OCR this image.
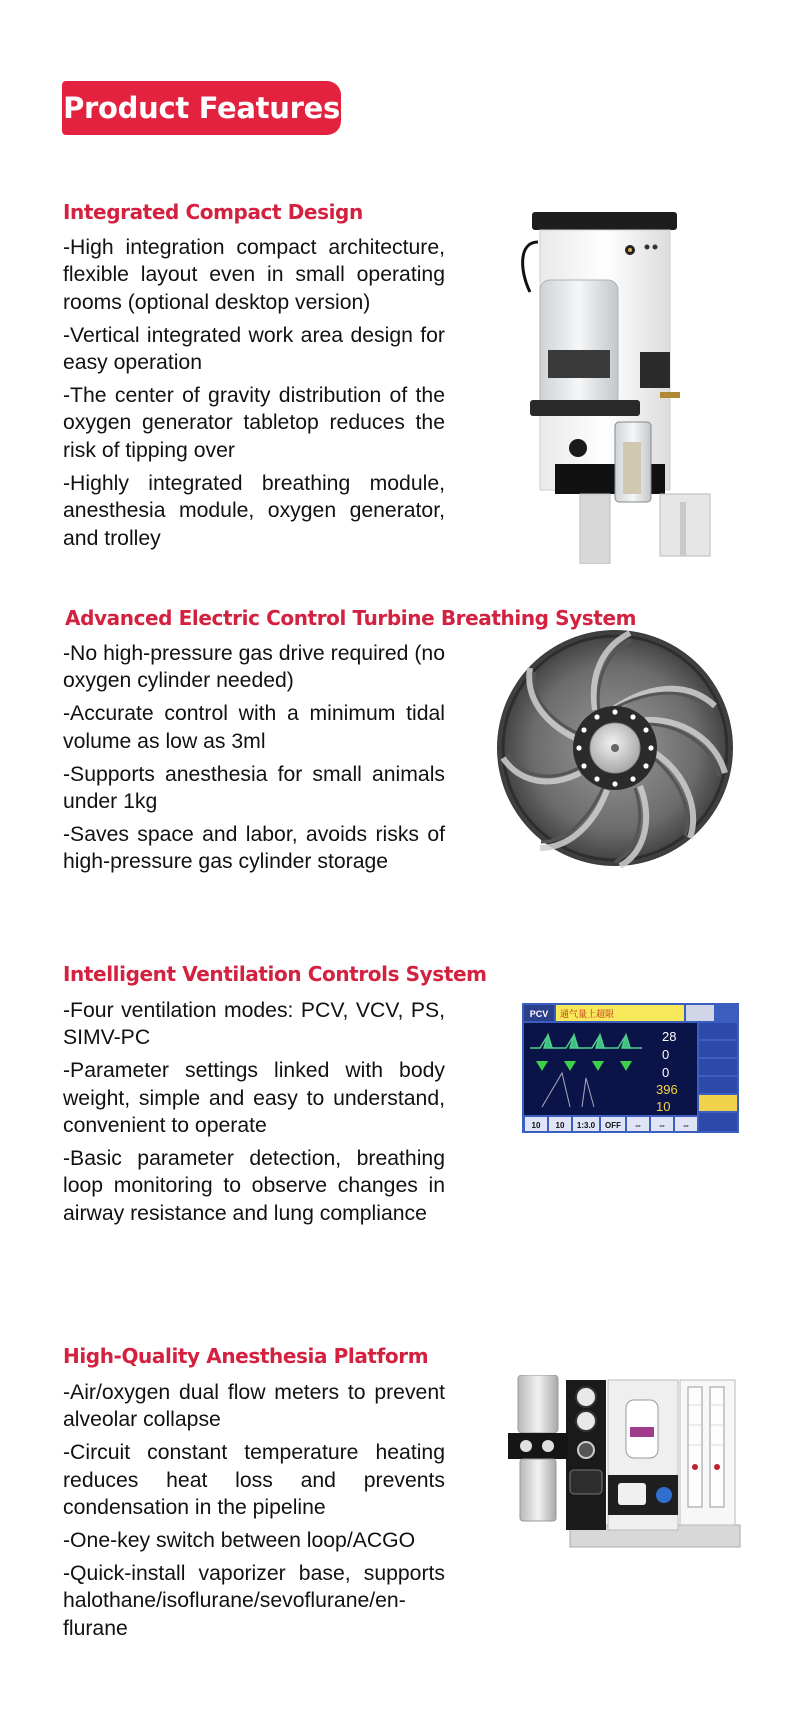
Product Features
Integrated Compact Design
-High integration compact architecture, flexible layout even in small operating rooms (optional desktop version)
-Vertical integrated work area design for easy operation
-The center of gravity distribution of the oxygen generator tabletop reduces the risk of tipping over
-Highly integrated breathing module, anesthesia module, oxygen generator, and trolley
Advanced Electric Control Turbine Breathing System
-No high-pressure gas drive required (no oxygen cylinder needed)
-Accurate control with a minimum tidal volume as low as 3ml
-Supports anesthesia for small animals under 1kg
-Saves space and labor, avoids risks of high-pressure gas cylinder storage
Intelligent Ventilation Controls System
-Four ventilation modes: PCV, VCV, PS, SIMV-PC
-Parameter settings linked with body weight, simple and easy to understand, convenient to operate
-Basic parameter detection, breathing loop monitoring to observe changes in airway resistance and lung compliance
PCV 通气量上超限
28
0
0
396
10
10 10 1:3.0 OFF -- -- --
High-Quality Anesthesia Platform
-Air/oxygen dual flow meters to prevent alveolar collapse
-Circuit constant temperature heating reduces heat loss and prevents condensation in the pipeline
-One-key switch between loop/ACGO
-Quick-install vaporizer base, supports halothane/isoflurane/sevoflurane/enflurane
